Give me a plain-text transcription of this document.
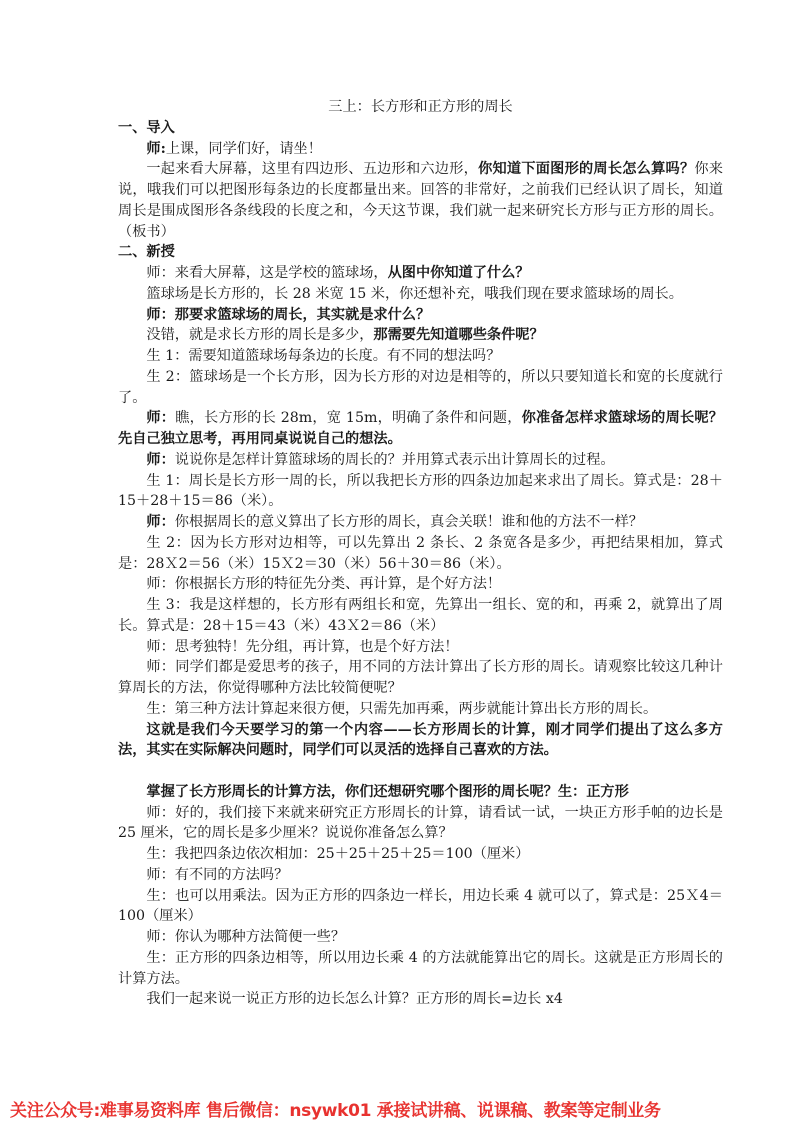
三上：长方形和正方形的周长

一、导入

师:上课，同学们好，请坐！

一起来看大屏幕，这里有四边形、五边形和六边形，你知道下面图形的周长怎么算吗？你来说，哦我们可以把图形每条边的长度都量出来。回答的非常好，之前我们已经认识了周长，知道周长是围成图形各条线段的长度之和，今天这节课，我们就一起来研究长方形与正方形的周长。（板书）

二、新授

师：来看大屏幕，这是学校的篮球场，从图中你知道了什么？

篮球场是长方形的，长 28 米宽 15 米，你还想补充，哦我们现在要求篮球场的周长。

师：那要求篮球场的周长，其实就是求什么？

没错，就是求长方形的周长是多少，那需要先知道哪些条件呢？

生 1：需要知道篮球场每条边的长度。有不同的想法吗？

生 2：篮球场是一个长方形，因为长方形的对边是相等的，所以只要知道长和宽的长度就行了。

师：瞧，长方形的长 28m，宽 15m，明确了条件和问题，你准备怎样求篮球场的周长呢？先自己独立思考，再用同桌说说自己的想法。

师：说说你是怎样计算篮球场的周长的？并用算式表示出计算周长的过程。

生 1：周长是长方形一周的长，所以我把长方形的四条边加起来求出了周长。算式是：28＋15＋28＋15＝86（米）。

师：你根据周长的意义算出了长方形的周长，真会关联！谁和他的方法不一样？

生 2：因为长方形对边相等，可以先算出 2 条长、2 条宽各是多少，再把结果相加，算式是：28Ｘ2＝56（米）15Ｘ2＝30（米）56＋30＝86（米）。

师：你根据长方形的特征先分类、再计算，是个好方法！

生 3：我是这样想的，长方形有两组长和宽，先算出一组长、宽的和，再乘 2，就算出了周长。算式是：28＋15＝43（米）43Ｘ2＝86（米）

师：思考独特！先分组，再计算，也是个好方法！

师：同学们都是爱思考的孩子，用不同的方法计算出了长方形的周长。请观察比较这几种计算周长的方法，你觉得哪种方法比较简便呢？

生：第三种方法计算起来很方便，只需先加再乘，两步就能计算出长方形的周长。

这就是我们今天要学习的第一个内容——长方形周长的计算，刚才同学们提出了这么多方法，其实在实际解决问题时，同学们可以灵活的选择自己喜欢的方法。

掌握了长方形周长的计算方法，你们还想研究哪个图形的周长呢？生：正方形

师：好的，我们接下来就来研究正方形周长的计算，请看试一试，一块正方形手帕的边长是 25 厘米，它的周长是多少厘米？说说你准备怎么算？

生：我把四条边依次相加：25＋25＋25＋25＝100（厘米）

师：有不同的方法吗？

生：也可以用乘法。因为正方形的四条边一样长，用边长乘 4 就可以了，算式是：25Ｘ4＝100（厘米）

师：你认为哪种方法简便一些？

生：正方形的四条边相等，所以用边长乘 4 的方法就能算出它的周长。这就是正方形周长的计算方法。

我们一起来说一说正方形的边长怎么计算？正方形的周长=边长 x4

关注公众号:难事易资料库 售后微信：nsywk01 承接试讲稿、说课稿、教案等定制业务
